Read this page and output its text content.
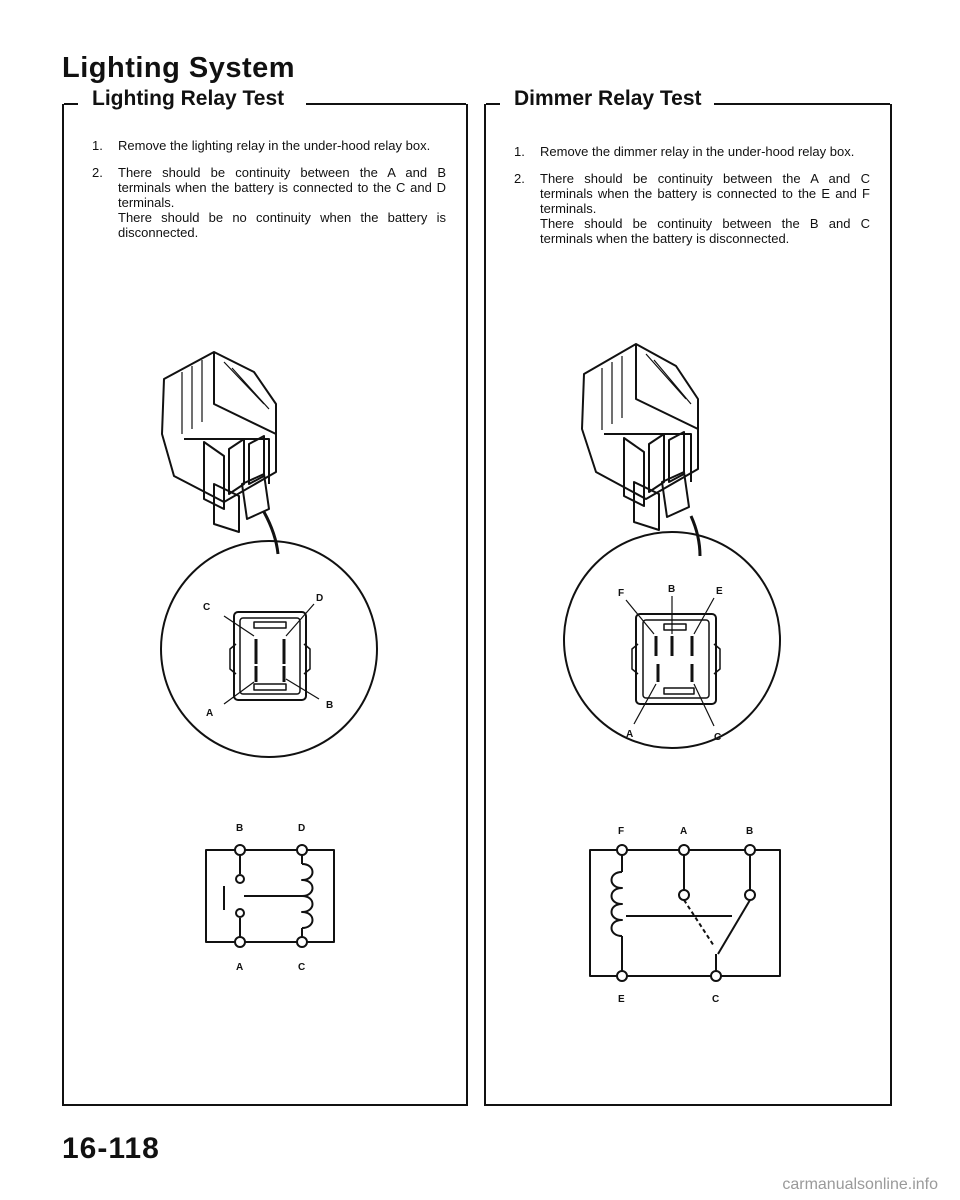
Lighting System
Lighting Relay Test
1. Remove the lighting relay in the under-hood relay box.

2. There should be continuity between the A and B terminals when the battery is connected to the C and D terminals.

There should be no continuity when the battery is disconnected.

C
D
A
B
B	D
A	C
Dimmer Relay Test
1. Remove the dimmer relay in the under-hood relay box.

2. There should be continuity between the A and C terminals when the battery is connected to the E and F terminals.

There should be continuity between the B and C terminals when the battery is disconnected.

F	B	E
A	C
F	A	B
E	C
16-118
carmanualsonline.info
